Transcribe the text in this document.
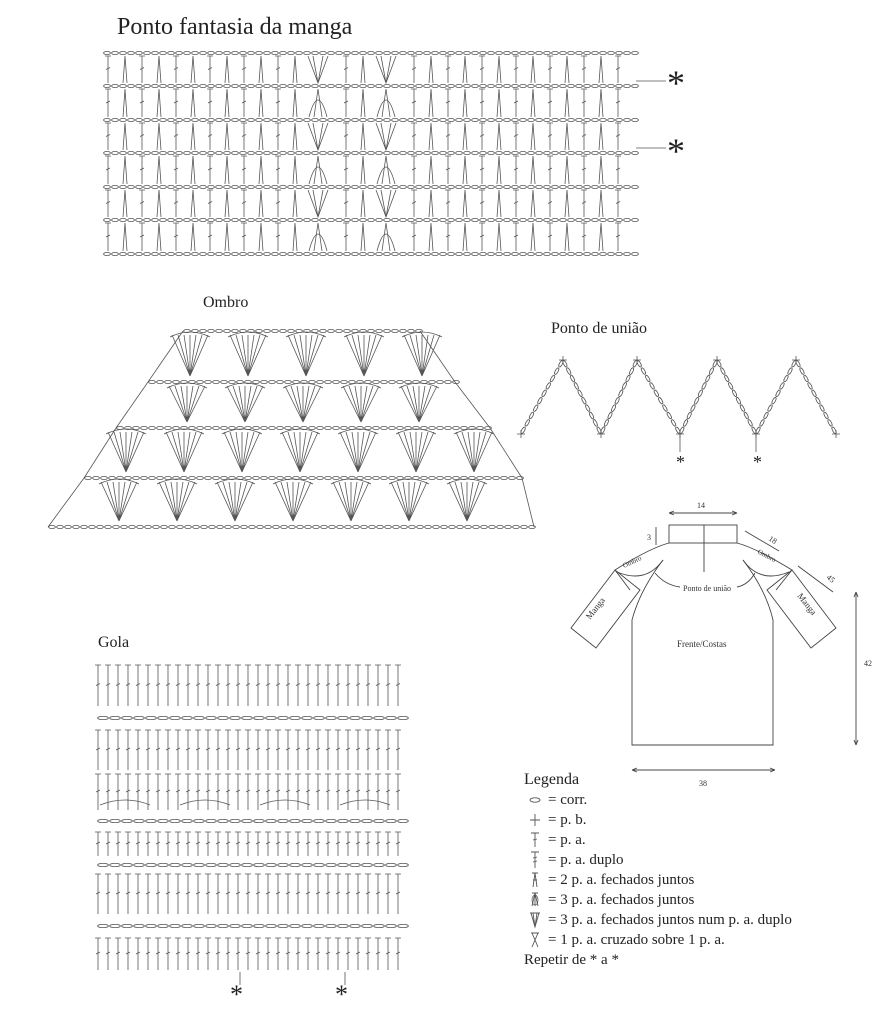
Ponto fantasia da manga
Ombro
Ponto de união
Gola
*
*
*	*
14
3	18
45
42
38
Ombro	Ombro
Manga	Manga
Ponto de união
Frente/Costas
*	*
Legenda
= corr.
= p. b.
= p. a.
= p. a. duplo
= 2 p. a. fechados juntos
= 3 p. a. fechados juntos
= 3 p. a. fechados juntos num p. a. duplo
= 1 p. a. cruzado sobre 1 p. a.
Repetir de * a *
